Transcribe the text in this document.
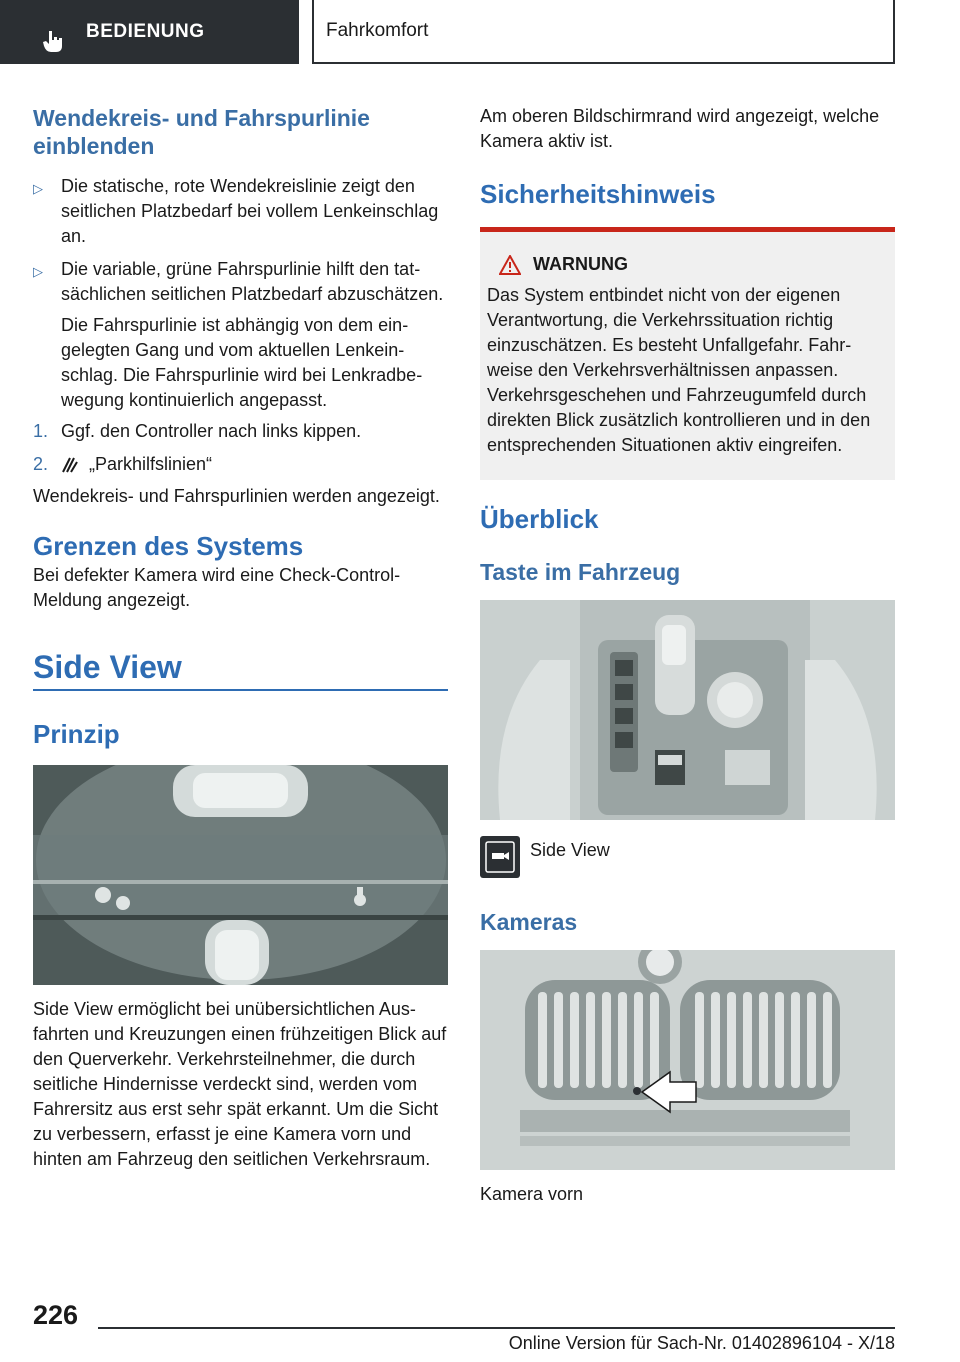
BEDIENUNG	Fahrkomfort
Wendekreis- und Fahrspurlinie einblenden
▷	Die statische, rote Wendekreislinie zeigt den seitlichen Platzbedarf bei vollem Lenkeinschlag an.
▷	Die variable, grüne Fahrspurlinie hilft den tatsächlichen seitlichen Platzbedarf abzuschätzen.
Die Fahrspurlinie ist abhängig von dem eingelegten Gang und vom aktuellen Lenkeinschlag. Die Fahrspurlinie wird bei Lenkradbewegung kontinuierlich angepasst.
1. Ggf. den Controller nach links kippen.
2.	„Parkhilfslinien“
Wendekreis- und Fahrspurlinien werden angezeigt.
Grenzen des Systems
Bei defekter Kamera wird eine Check-Control-Meldung angezeigt.
Side View
Prinzip
Side View ermöglicht bei unübersichtlichen Ausfahrten und Kreuzungen einen frühzeitigen Blick auf den Querverkehr. Verkehrsteilnehmer, die durch seitliche Hindernisse verdeckt sind, werden vom Fahrersitz aus erst sehr spät erkannt. Um die Sicht zu verbessern, erfasst je eine Kamera vorn und hinten am Fahrzeug den seitlichen Verkehrsraum.
Am oberen Bildschirmrand wird angezeigt, welche Kamera aktiv ist.
Sicherheitshinweis
WARNUNG
Das System entbindet nicht von der eigenen Verantwortung, die Verkehrssituation richtig einzuschätzen. Es besteht Unfallgefahr. Fahrweise den Verkehrsverhältnissen anpassen. Verkehrsgeschehen und Fahrzeugumfeld durch direkten Blick zusätzlich kontrollieren und in den entsprechenden Situationen aktiv eingreifen.
Überblick
Taste im Fahrzeug
Side View
Kameras
Kamera vorn
226
Online Version für Sach-Nr. 01402896104 - X/18
